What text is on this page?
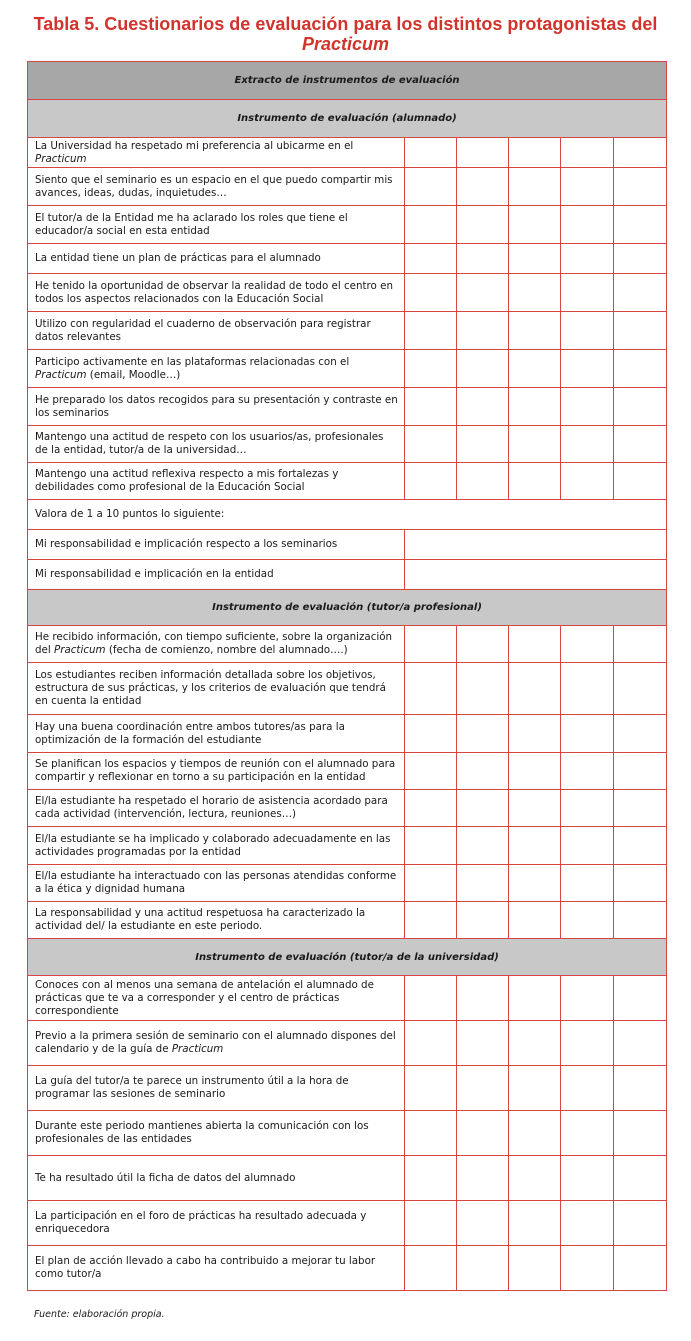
Tabla 5. Cuestionarios de evaluación para los distintos protagonistas del
Practicum
Extracto de instrumentos de evaluación					
Instrumento de evaluación (alumnado)					
La Universidad ha respetado mi preferencia al ubicarme en el Practicum					
Siento que el seminario es un espacio en el que puedo compartir mis avances, ideas, dudas, inquietudes…					
El tutor/a de la Entidad me ha aclarado los roles que tiene el educador/a social en esta entidad					
La entidad tiene un plan de prácticas para el alumnado					
He tenido la oportunidad de observar la realidad de todo el centro en todos los aspectos relacionados con la Educación Social					
Utilizo con regularidad el cuaderno de observación para registrar datos relevantes					
Participo activamente en las plataformas relacionadas con el Practicum (email, Moodle…)					
He preparado los datos recogidos para su presentación y contraste en los seminarios					
Mantengo una actitud de respeto con los usuarios/as, profesionales de la entidad, tutor/a de la universidad…					
Mantengo una actitud reflexiva respecto a mis fortalezas y debilidades como profesional de la Educación Social					
Valora de 1 a 10 puntos lo siguiente:					
Mi responsabilidad e implicación respecto a los seminarios					
Mi responsabilidad e implicación en la entidad					
Instrumento de evaluación (tutor/a profesional)					
He recibido información, con tiempo suficiente, sobre la organización del Practicum (fecha de comienzo, nombre del alumnado….)					
Los estudiantes reciben información detallada sobre los objetivos, estructura de sus prácticas, y los criterios de evaluación que tendrá en cuenta la entidad					
Hay una buena coordinación entre ambos tutores/as para la optimización de la formación del estudiante					
Se planifican los espacios y tiempos de reunión con el alumnado para compartir y reflexionar en torno a su participación en la entidad					
El/la estudiante ha respetado el horario de asistencia acordado para cada actividad (intervención, lectura, reuniones…)					
El/la estudiante se ha implicado y colaborado adecuadamente en las actividades programadas por la entidad					
El/la estudiante ha interactuado con las personas atendidas conforme a la ética y dignidad humana					
La responsabilidad y una actitud respetuosa ha caracterizado la actividad del/ la estudiante en este periodo.					
Instrumento de evaluación (tutor/a de la universidad)					
Conoces con al menos una semana de antelación el alumnado de prácticas que te va a corresponder y el centro de prácticas correspondiente					
Previo a la primera sesión de seminario con el alumnado dispones del calendario y de la guía de Practicum					
La guía del tutor/a te parece un instrumento útil a la hora de programar las sesiones de seminario					
Durante este periodo mantienes abierta la comunicación con los profesionales de las entidades					
Te ha resultado útil la ficha de datos del alumnado					
La participación en el foro de prácticas ha resultado adecuada y enriquecedora					
El plan de acción llevado a cabo ha contribuido a mejorar tu labor como tutor/a					
Fuente: elaboración propia.
